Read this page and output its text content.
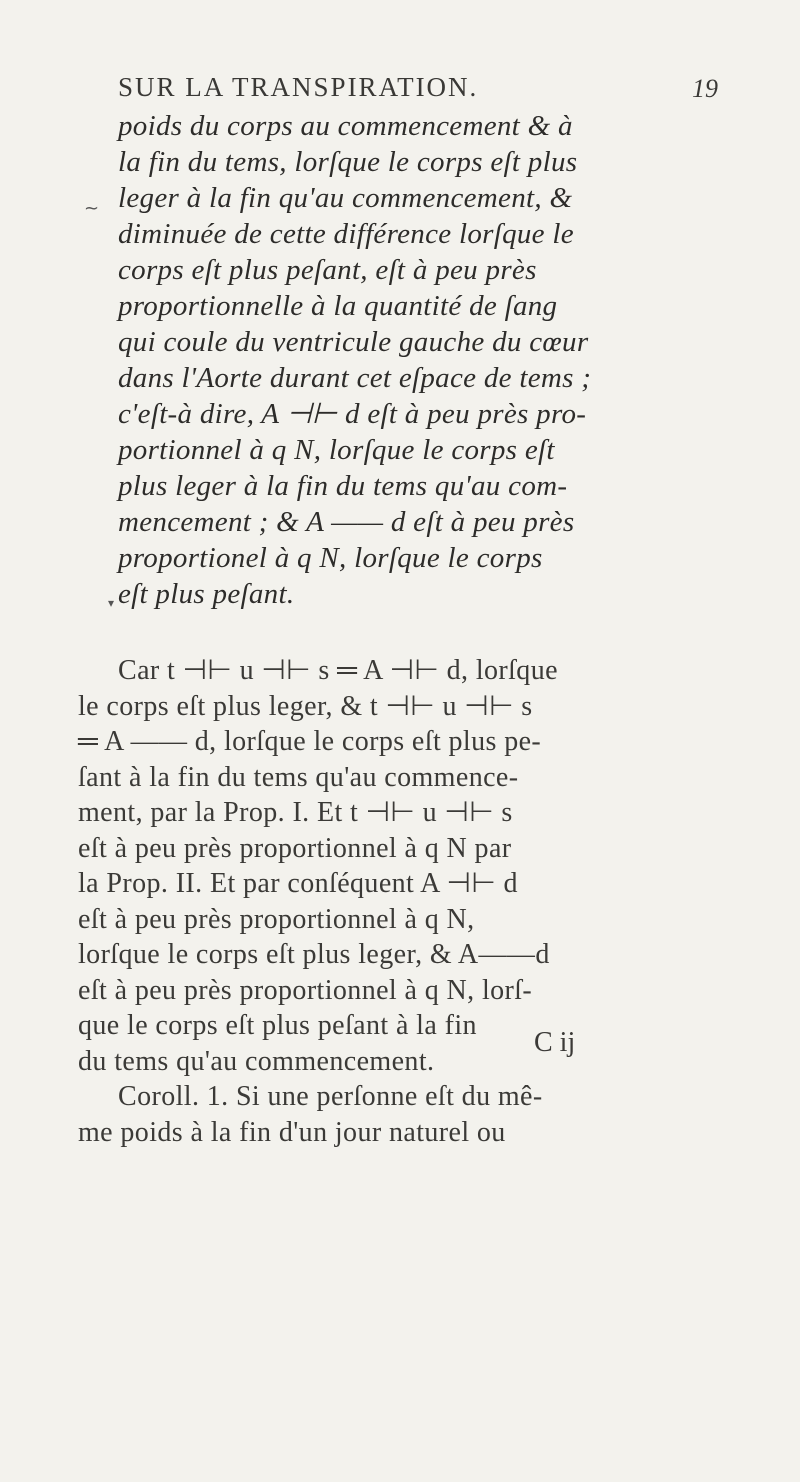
SUR LA TRANSPIRATION.	19
~
▾
poids du corps au commencement & à
la fin du tems, lorſque le corps eſt plus
leger à la fin qu'au commencement, &
diminuée de cette différence lorſque le
corps eſt plus peſant, eſt à peu près
proportionnelle à la quantité de ſang
qui coule du ventricule gauche du cœur
dans l'Aorte durant cet eſpace de tems ;
c'eſt-à dire, A ⊣⊢ d eſt à peu près pro-
portionnel à q N, lorſque le corps eſt
plus leger à la fin du tems qu'au com-
mencement ; & A —— d eſt à peu près
proportionel à q N, lorſque le corps
eſt plus peſant.
Car t ⊣⊢ u ⊣⊢ s ═ A ⊣⊢ d, lorſque
le corps eſt plus leger, & t ⊣⊢ u ⊣⊢ s
═ A —— d, lorſque le corps eſt plus pe-
ſant à la fin du tems qu'au commence-
ment, par la Prop. I. Et t ⊣⊢ u ⊣⊢ s
eſt à peu près proportionnel à q N par
la Prop. II. Et par conſéquent A ⊣⊢ d
eſt à peu près proportionnel à q N,
lorſque le corps eſt plus leger, & A——d
eſt à peu près proportionnel à q N, lorſ-
que le corps eſt plus peſant à la fin
du tems qu'au commencement.
Coroll. 1. Si une perſonne eſt du mê-
me poids à la fin d'un jour naturel ou
C ij
